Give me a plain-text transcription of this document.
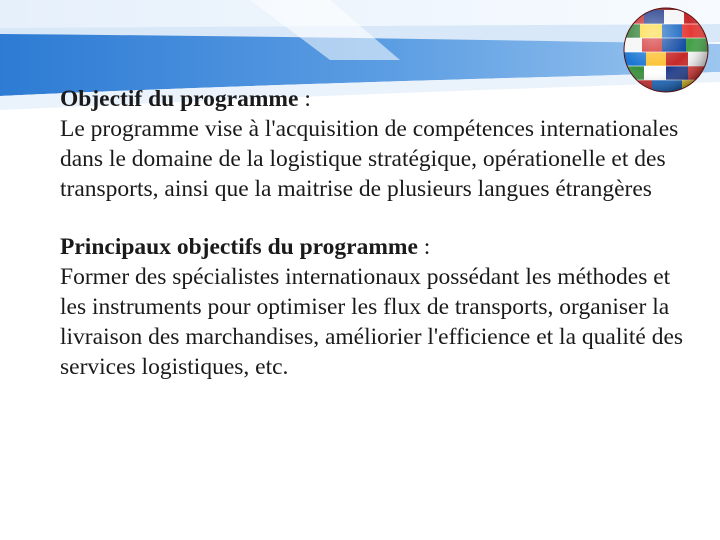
Objectif du programme :
Le programme vise à l'acquisition de compétences internationales dans le domaine de la logistique stratégique, opérationelle et des transports, ainsi que la maitrise de plusieurs langues étrangères
Principaux objectifs du programme :
Former des spécialistes internationaux possédant les méthodes et les instruments pour optimiser les flux de transports, organiser la livraison des marchandises, améliorier l'efficience et la qualité des services logistiques, etc.
